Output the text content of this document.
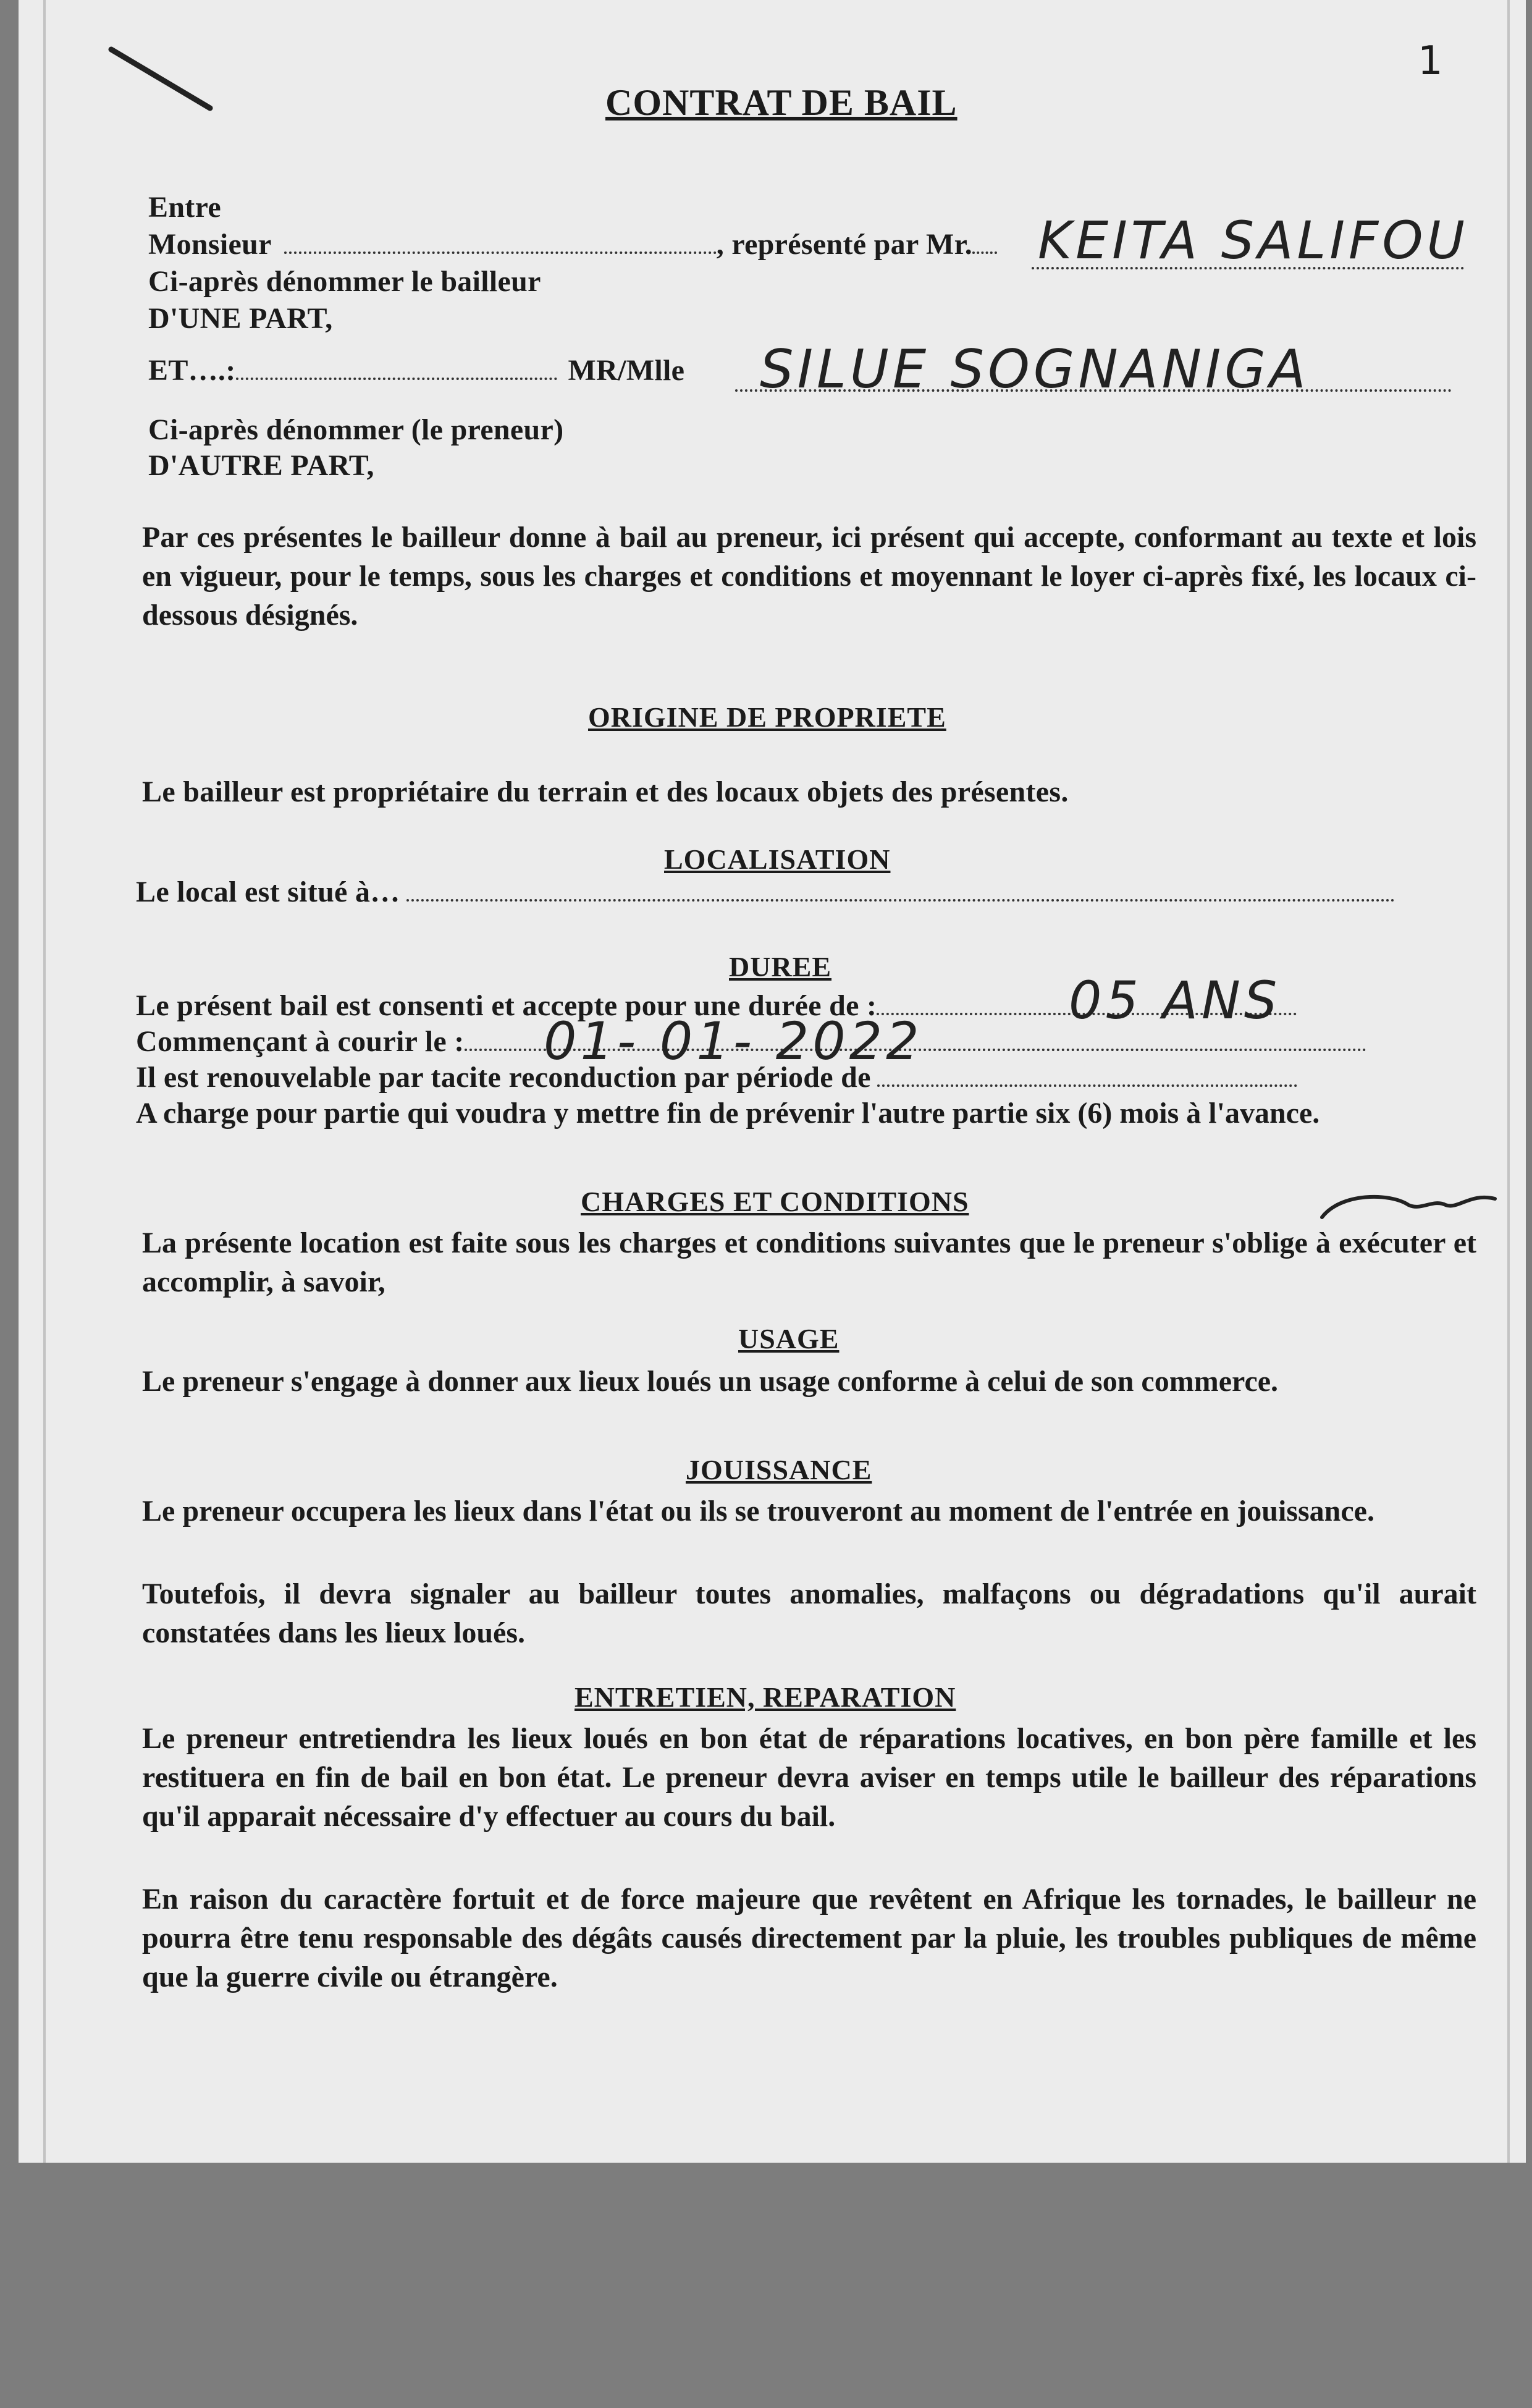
1
CONTRAT DE BAIL
Entre
Monsieur	, représenté par Mr.	KEITA SALIFOU
Ci-après dénommer le bailleur
D'UNE PART,
ET….:	MR/Mlle SILUE SOGNANIGA
Ci-après dénommer (le preneur)
D'AUTRE PART,
Par ces présentes le bailleur donne à bail au preneur, ici présent qui accepte, conformant au texte et lois en vigueur, pour le temps, sous les charges et conditions et moyennant le loyer ci-après fixé, les locaux ci-dessous désignés.
ORIGINE DE PROPRIETE
Le bailleur est propriétaire du terrain et des locaux objets des présentes.
LOCALISATION
Le local est situé à…
DUREE
Le présent bail est consenti et accepte pour une durée de :	05 ANS
Commençant à courir le :	01- 01- 2022
Il est renouvelable par tacite reconduction par période de
A charge pour partie qui voudra y mettre fin de prévenir l'autre partie six (6) mois à l'avance.
CHARGES ET CONDITIONS
La présente location est faite sous les charges et conditions suivantes que le preneur s'oblige à exécuter et accomplir, à savoir,
USAGE
Le preneur s'engage à donner aux lieux loués un usage conforme à celui de son commerce.
JOUISSANCE
Le preneur occupera les lieux dans l'état ou ils se trouveront au moment de l'entrée en jouissance.
Toutefois, il devra signaler au bailleur toutes anomalies, malfaçons ou dégradations qu'il aurait constatées dans les lieux loués.
ENTRETIEN, REPARATION
Le preneur entretiendra les lieux loués en bon état de réparations locatives, en bon père famille et les restituera en fin de bail en bon état. Le preneur devra aviser en temps utile le bailleur des réparations qu'il apparait nécessaire d'y effectuer au cours du bail.
En raison du caractère fortuit et de force majeure que revêtent en Afrique les tornades, le bailleur ne pourra être tenu responsable des dégâts causés directement par la pluie, les troubles publiques de même que la guerre civile ou étrangère.
